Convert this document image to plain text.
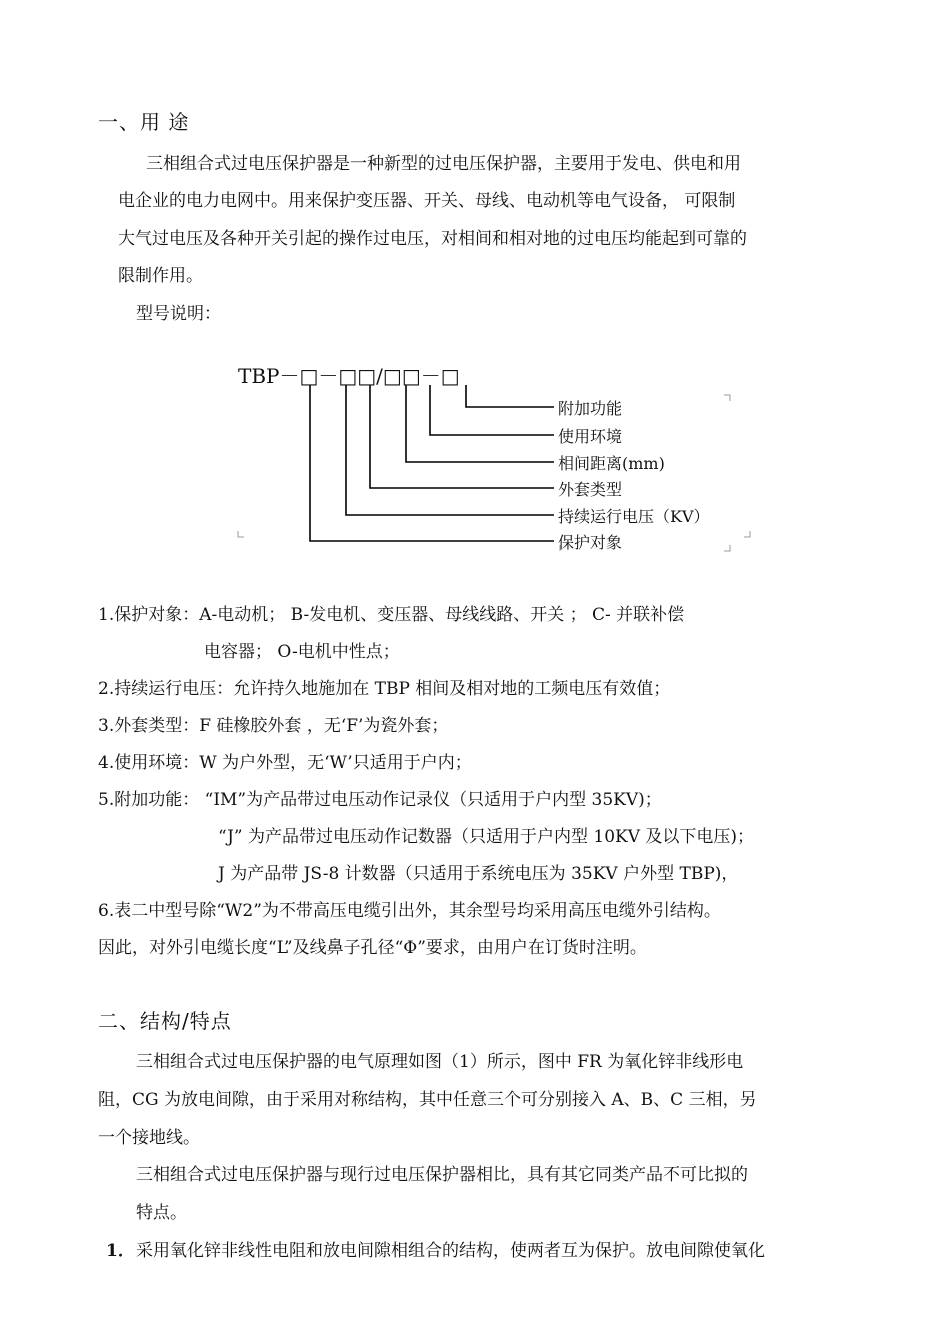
一、用 途
三相组合式过电压保护器是一种新型的过电压保护器，主要用于发电、供电和用
电企业的电力电网中。用来保护变压器、开关、母线、电动机等电气设备， 可限制
大气过电压及各种开关引起的操作过电压，对相间和相对地的过电压均能起到可靠的
限制作用。
型号说明：
TBP－□－□□/□□－□
附加功能
使用环境
相间距离(mm)
外套类型
持续运行电压（KV）
保护对象
1.保护对象：A-电动机； B-发电机、变压器、母线线路、开关 ； C- 并联补偿
电容器； O-电机中性点；
2.持续运行电压：允许持久地施加在 TBP 相间及相对地的工频电压有效值；
3.外套类型：F 硅橡胶外套 ，无‘F’为瓷外套；
4.使用环境：W 为户外型，无‘W’只适用于户内；
5.附加功能： “IM”为产品带过电压动作记录仪（只适用于户内型 35KV)；
“J” 为产品带过电压动作记数器（只适用于户内型 10KV 及以下电压)；
J 为产品带 JS-8 计数器（只适用于系统电压为 35KV 户外型 TBP)，
6.表二中型号除“W2”为不带高压电缆引出外，其余型号均采用高压电缆外引结构。
因此，对外引电缆长度“L”及线鼻子孔径“Φ”要求，由用户在订货时注明。
二、结构/特点
三相组合式过电压保护器的电气原理如图（1）所示，图中 FR 为氧化锌非线形电
阻，CG 为放电间隙，由于采用对称结构，其中任意三个可分别接入 A、B、C 三相，另
一个接地线。
三相组合式过电压保护器与现行过电压保护器相比，具有其它同类产品不可比拟的
特点。
1． 采用氧化锌非线性电阻和放电间隙相组合的结构，使两者互为保护。放电间隙使氧化
